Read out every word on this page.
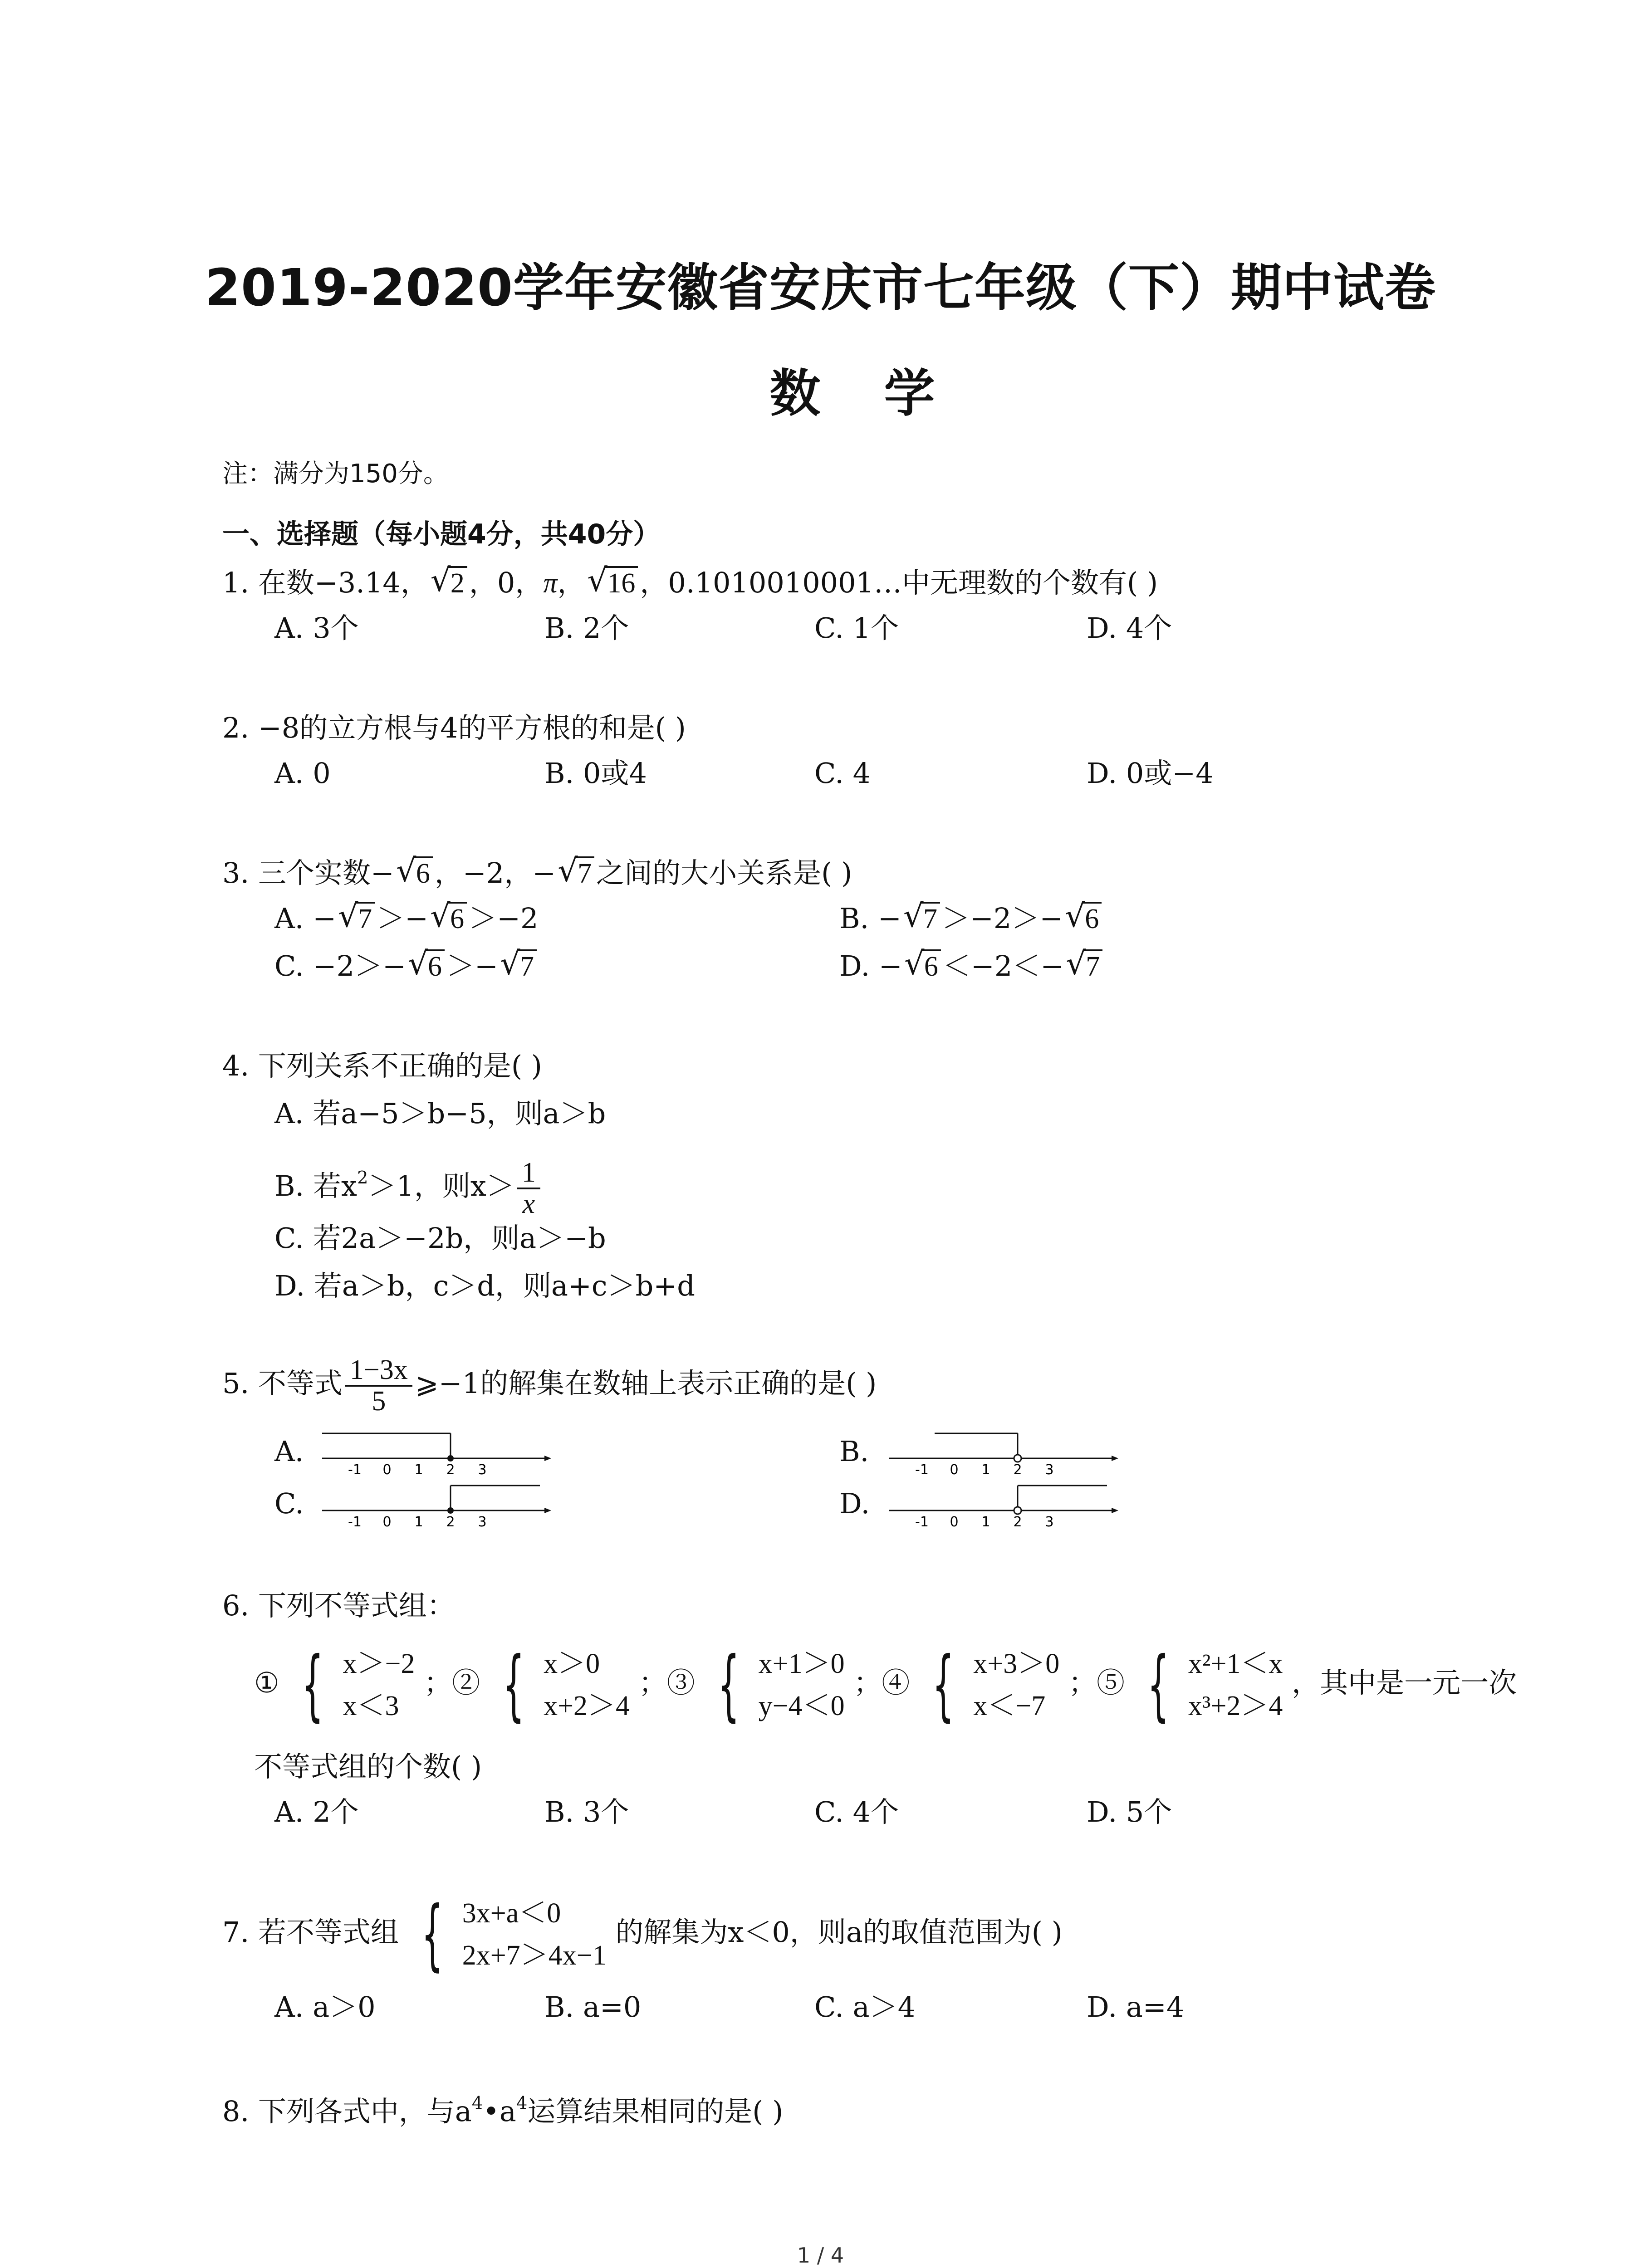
2019-2020学年安徽省安庆市七年级（下）期中试卷
数学
注：满分为150分。
一、选择题（每小题4分，共40分）
1. 在数−3.14， √ 2 ，0，π， √ 16 ，0.1010010001…中无理数的个数有( )
A. 3个	B. 2个	C. 1个	D. 4个
2. −8的立方根与4的平方根的和是( )
A. 0	B. 0或4	C. 4	D. 0或−4
3. 三个实数− √ 6 ，−2，− √ 7 之间的大小关系是( )
A. − √ 7 ＞− √ 6 ＞−2	B. − √ 7 ＞−2＞− √ 6
C. −2＞− √ 6 ＞− √ 7	D. − √ 6 ＜−2＜− √ 7
4. 下列关系不正确的是( )
A. 若a−5＞b−5，则a＞b
B. 若$x^2>1$，则$x> \frac{1}{x}$
C. 若2a＞−2b，则a＞−b
D. 若a＞b，c＞d，则a+c＞b+d
5. 不等式 $\frac{1-3x}{5}$ ⩾−1的解集在数轴上表示正确的是( )
A.	B.
C.	D.
-1 0 1 2 3	-1 0 1 2 3
-1 0 1 2 3	-1 0 1 2 3
6. 下列不等式组：
① { x＞−2
x＜3
；② { x＞0
x+2＞4
；③ { x+1＞0
y−4＜0
；④ { x+3＞0
x＜−7
；⑤ { x²+1＜x
x³+2＞4
，其中是一元一次
不等式组的个数( )
A. 2个	B. 3个	C. 4个	D. 5个
7. 若不等式组 { 3x+a＜0
2x+7＞4x−1
的解集为x＜0，则a的取值范围为( )
A. a＞0	B. a=0	C. a＞4	D. a=4
8. 下列各式中，与$a^4•a^4$运算结果相同的是( )
1 / 4
